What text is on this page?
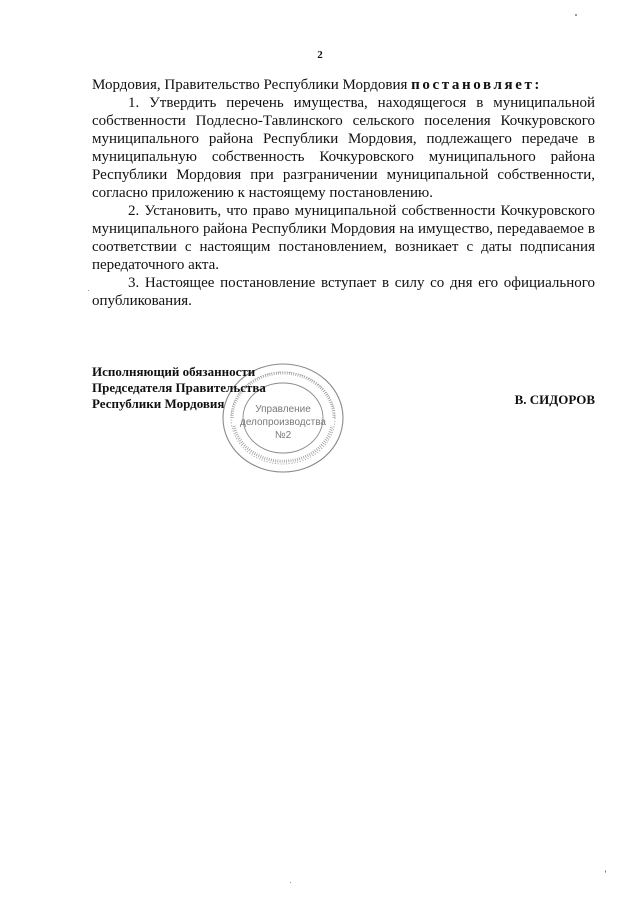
2

Мордовия, Правительство Республики Мордовия постановляет:

1. Утвердить перечень имущества, находящегося в муниципальной собственности Подлесно-Тавлинского сельского поселения Кочкуровского муниципального района Республики Мордовия, подлежащего передаче в муниципальную собственность Кочкуровского муниципального района Республики Мордовия при разграничении муниципальной собственности, согласно приложению к настоящему постановлению.

2. Установить, что право муниципальной собственности Кочкуровского муниципального района Республики Мордовия на имущество, передаваемое в соответствии с настоящим постановлением, возникает с даты подписания передаточного акта.

3. Настоящее постановление вступает в силу со дня его официального опубликования.

Управление
делопроизводства
№2
Исполняющий обязанности
Председателя Правительства
Республики Мордовия	В. СИДОРОВ
